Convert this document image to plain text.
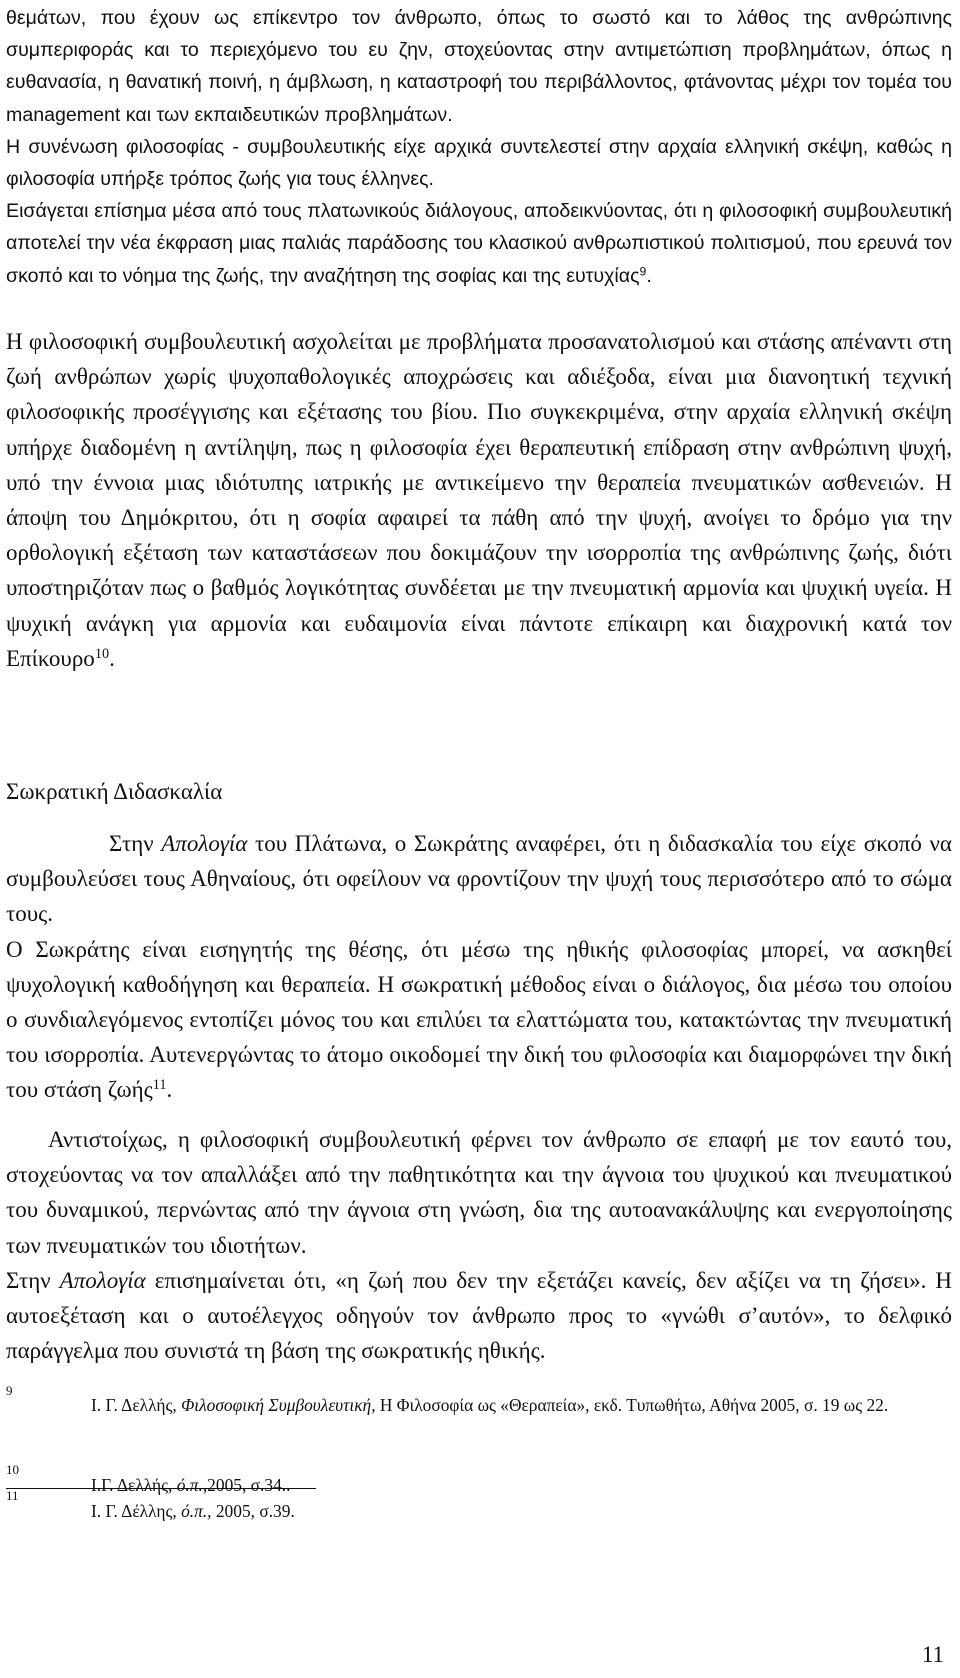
θεμάτων, που έχουν ως επίκεντρο τον άνθρωπο, όπως το σωστό και το λάθος της ανθρώπινης συμπεριφοράς και το περιεχόμενο του ευ ζην, στοχεύοντας στην αντιμετώπιση προβλημάτων, όπως η ευθανασία, η θανατική ποινή, η άμβλωση, η καταστροφή του περιβάλλοντος, φτάνοντας μέχρι τον τομέα του management και των εκπαιδευτικών προβλημάτων.

Η συνένωση φιλοσοφίας - συμβουλευτικής είχε αρχικά συντελεστεί στην αρχαία ελληνική σκέψη, καθώς η φιλοσοφία υπήρξε τρόπος ζωής για τους έλληνες.

Εισάγεται επίσημα μέσα από τους πλατωνικούς διάλογους, αποδεικνύοντας, ότι η φιλοσοφική συμβουλευτική αποτελεί την νέα έκφραση μιας παλιάς παράδοσης του κλασικού ανθρωπιστικού πολιτισμού, που ερευνά τον σκοπό και το νόημα της ζωής, την αναζήτηση της σοφίας και της ευτυχίας$^9$.

Η φιλοσοφική συμβουλευτική ασχολείται με προβλήματα προσανατολισμού και στάσης απέναντι στη ζωή ανθρώπων χωρίς ψυχοπαθολογικές αποχρώσεις και αδιέξοδα, είναι μια διανοητική τεχνική φιλοσοφικής προσέγγισης και εξέτασης του βίου. Πιο συγκεκριμένα, στην αρχαία ελληνική σκέψη υπήρχε διαδομένη η αντίληψη, πως η φιλοσοφία έχει θεραπευτική επίδραση στην ανθρώπινη ψυχή, υπό την έννοια μιας ιδιότυπης ιατρικής με αντικείμενο την θεραπεία πνευματικών ασθενειών. Η άποψη του Δημόκριτου, ότι η σοφία αφαιρεί τα πάθη από την ψυχή, ανοίγει το δρόμο για την ορθολογική εξέταση των καταστάσεων που δοκιμάζουν την ισορροπία της ανθρώπινης ζωής, διότι υποστηριζόταν πως ο βαθμός λογικότητας συνδέεται με την πνευματική αρμονία και ψυχική υγεία. Η ψυχική ανάγκη για αρμονία και ευδαιμονία είναι πάντοτε επίκαιρη και διαχρονική κατά τον Επίκουρο$^{10}$.

Σωκρατική Διδασκαλία

Στην Απολογία του Πλάτωνα, ο Σωκράτης αναφέρει, ότι η διδασκαλία του είχε σκοπό να συμβουλεύσει τους Αθηναίους, ότι οφείλουν να φροντίζουν την ψυχή τους περισσότερο από το σώμα τους.

Ο Σωκράτης είναι εισηγητής της θέσης, ότι μέσω της ηθικής φιλοσοφίας μπορεί, να ασκηθεί ψυχολογική καθοδήγηση και θεραπεία. Η σωκρατική μέθοδος είναι ο διάλογος, δια μέσω του οποίου ο συνδιαλεγόμενος εντοπίζει μόνος του και επιλύει τα ελαττώματα του, κατακτώντας την πνευματική του ισορροπία. Αυτενεργώντας το άτομο οικοδομεί την δική του φιλοσοφία και διαμορφώνει την δική του στάση ζωής$^{11}$.

Αντιστοίχως, η φιλοσοφική συμβουλευτική φέρνει τον άνθρωπο σε επαφή με τον εαυτό του, στοχεύοντας να τον απαλλάξει από την παθητικότητα και την άγνοια του ψυχικού και πνευματικού του δυναμικού, περνώντας από την άγνοια στη γνώση, δια της αυτοανακάλυψης και ενεργοποίησης των πνευματικών του ιδιοτήτων.

Στην Απολογία επισημαίνεται ότι, «η ζωή που δεν την εξετάζει κανείς, δεν αξίζει να τη ζήσει». Η αυτοεξέταση και ο αυτοέλεγχος οδηγούν τον άνθρωπο προς το «γνώθι σ’αυτόν», το δελφικό παράγγελμα που συνιστά τη βάση της σωκρατικής ηθικής.

9
Ι. Γ. Δελλής, Φιλοσοφική Συμβουλευτική, Η Φιλοσοφία ως «Θεραπεία», εκδ. Τυπωθήτω, Αθήνα 2005, σ. 19 ως 22.
10
Ι.Γ. Δελλής, ό.π.,2005, σ.34..
11
Ι. Γ. Δέλλης, ό.π., 2005, σ.39.
11
